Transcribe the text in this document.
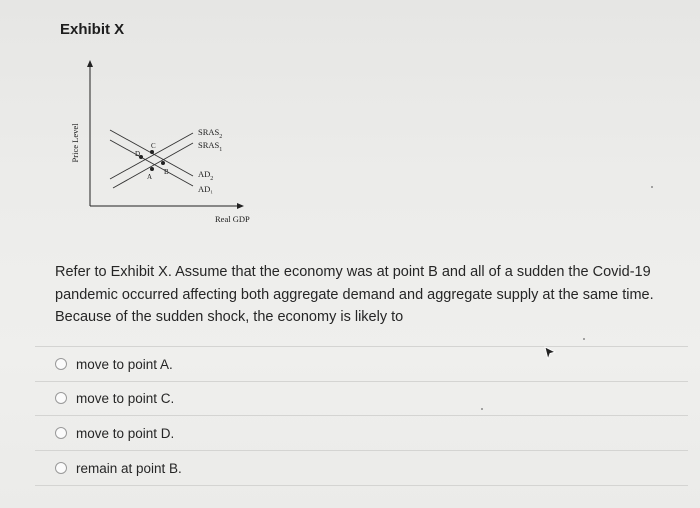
Exhibit X
Price Level	D
C
A
B
$SRAS_2$
$SRAS_1$
$AD_2$
AD₁
Real GDP
Refer to Exhibit X. Assume that the economy was at point B and all of a sudden the Covid-19 pandemic occurred affecting both aggregate demand and aggregate supply at the same time. Because of the sudden shock, the economy is likely to
move to point A.
move to point C.
move to point D.
remain at point B.
